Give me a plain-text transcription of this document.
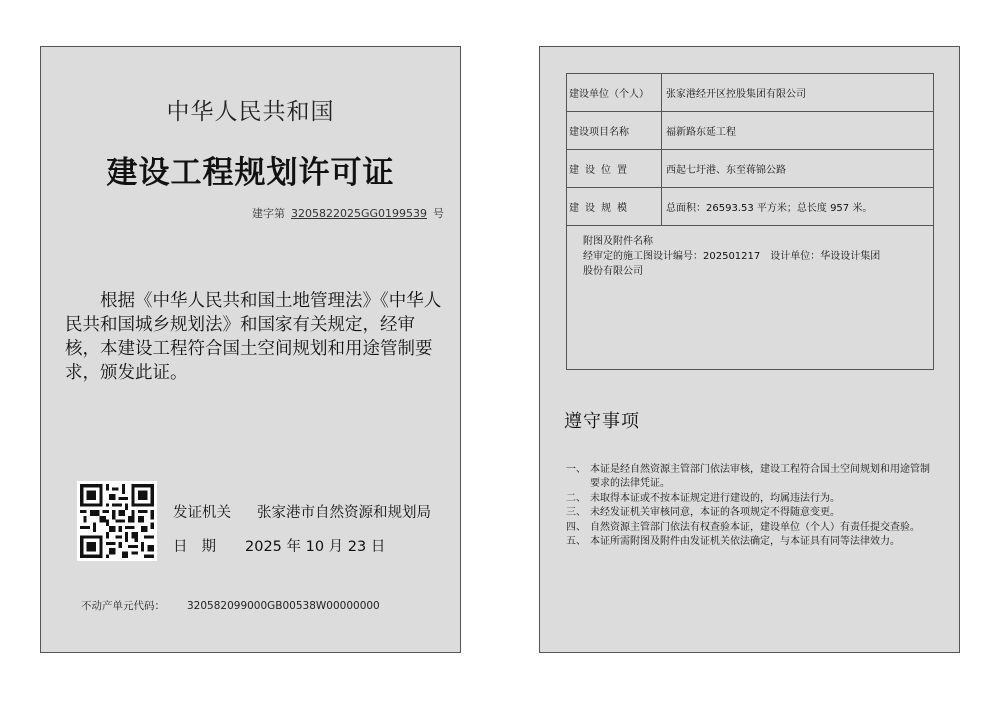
中华人民共和国
建设工程规划许可证
建字第 3205822025GG0199539 号

根据《中华人民共和国土地管理法》《中华人民共和国城乡规划法》和国家有关规定，经审核，本建设工程符合国土空间规划和用途管制要求，颁发此证。

发证机关 张家港市自然资源和规划局
日期 2025 年 10 月 23 日
不动产单元代码： 320582099000GB00538W00000000
建设单位（个人）	张家港经开区控股集团有限公司
建设项目名称	福新路东延工程
建设位置	西起七圩港、东至蒋锦公路
建设规模	总面积：26593.53 平方米；总长度 957 米。
附图及附件名称
经审定的施工图设计编号：202501217　设计单位：华设设计集团
股份有限公司
遵守事项
一、 本证是经自然资源主管部门依法审核，建设工程符合国土空间规划和用途管制要求的法律凭证。
二、 未取得本证或不按本证规定进行建设的，均属违法行为。
三、 未经发证机关审核同意，本证的各项规定不得随意变更。
四、 自然资源主管部门依法有权查验本证，建设单位（个人）有责任提交查验。
五、 本证所需附图及附件由发证机关依法确定，与本证具有同等法律效力。
